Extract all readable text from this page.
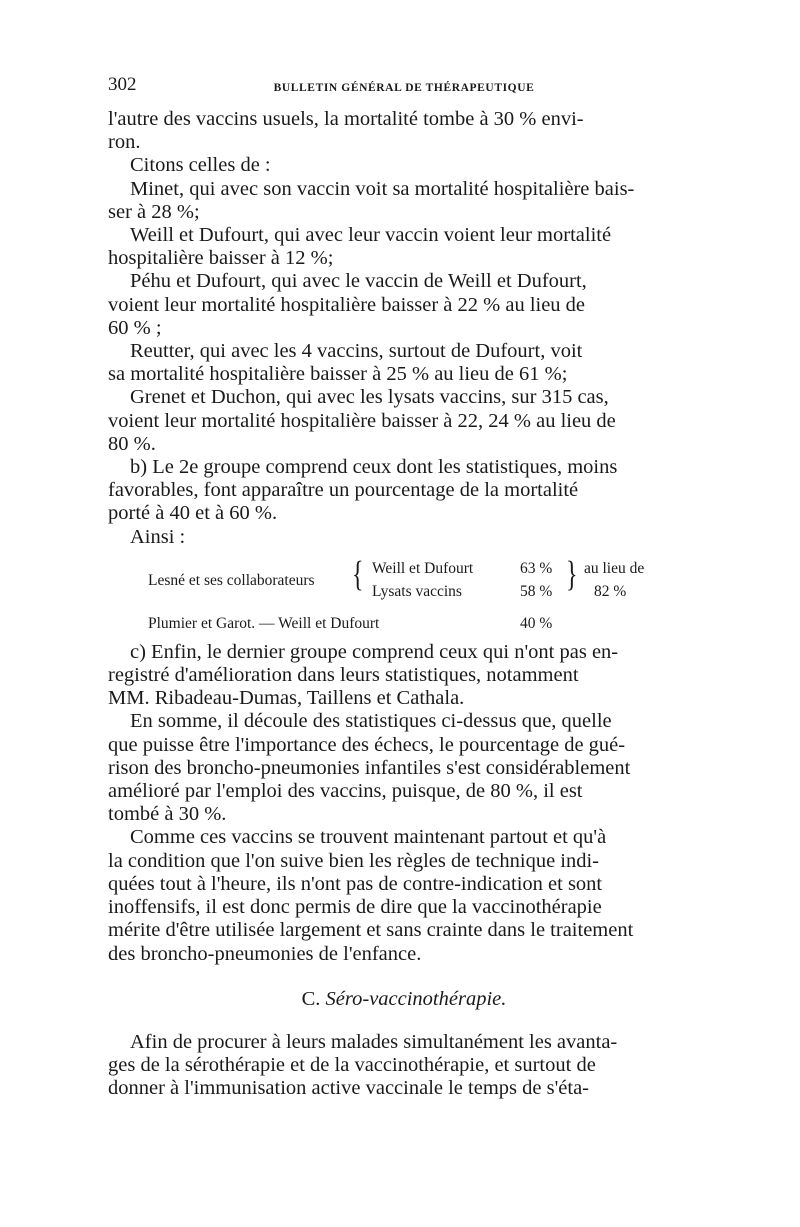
302	BULLETIN GÉNÉRAL DE THÉRAPEUTIQUE

l'autre des vaccins usuels, la mortalité tombe à 30 % envi-

ron.

Citons celles de :

Minet, qui avec son vaccin voit sa mortalité hospitalière bais-

ser à 28 %;

Weill et Dufourt, qui avec leur vaccin voient leur mortalité

hospitalière baisser à 12 %;

Péhu et Dufourt, qui avec le vaccin de Weill et Dufourt,

voient leur mortalité hospitalière baisser à 22 % au lieu de

60 % ;

Reutter, qui avec les 4 vaccins, surtout de Dufourt, voit

sa mortalité hospitalière baisser à 25 % au lieu de 61 %;

Grenet et Duchon, qui avec les lysats vaccins, sur 315 cas,

voient leur mortalité hospitalière baisser à 22, 24 % au lieu de

80 %.

b) Le 2e groupe comprend ceux dont les statistiques, moins

favorables, font apparaître un pourcentage de la mortalité

porté à 40 et à 60 %.

Ainsi :

Lesné et ses collaborateurs { Weill et Dufourt	63 %
Lysats vaccins	58 % } au lieu de
82 %
Plumier et Garot. — Weill et Dufourt	40 %

c) Enfin, le dernier groupe comprend ceux qui n'ont pas en-

registré d'amélioration dans leurs statistiques, notamment

MM. Ribadeau-Dumas, Taillens et Cathala.

En somme, il découle des statistiques ci-dessus que, quelle

que puisse être l'importance des échecs, le pourcentage de gué-

rison des broncho-pneumonies infantiles s'est considérablement

amélioré par l'emploi des vaccins, puisque, de 80 %, il est

tombé à 30 %.

Comme ces vaccins se trouvent maintenant partout et qu'à

la condition que l'on suive bien les règles de technique indi-

quées tout à l'heure, ils n'ont pas de contre-indication et sont

inoffensifs, il est donc permis de dire que la vaccinothérapie

mérite d'être utilisée largement et sans crainte dans le traitement

des broncho-pneumonies de l'enfance.

C. Séro-vaccinothérapie.

Afin de procurer à leurs malades simultanément les avanta-

ges de la sérothérapie et de la vaccinothérapie, et surtout de

donner à l'immunisation active vaccinale le temps de s'éta-
